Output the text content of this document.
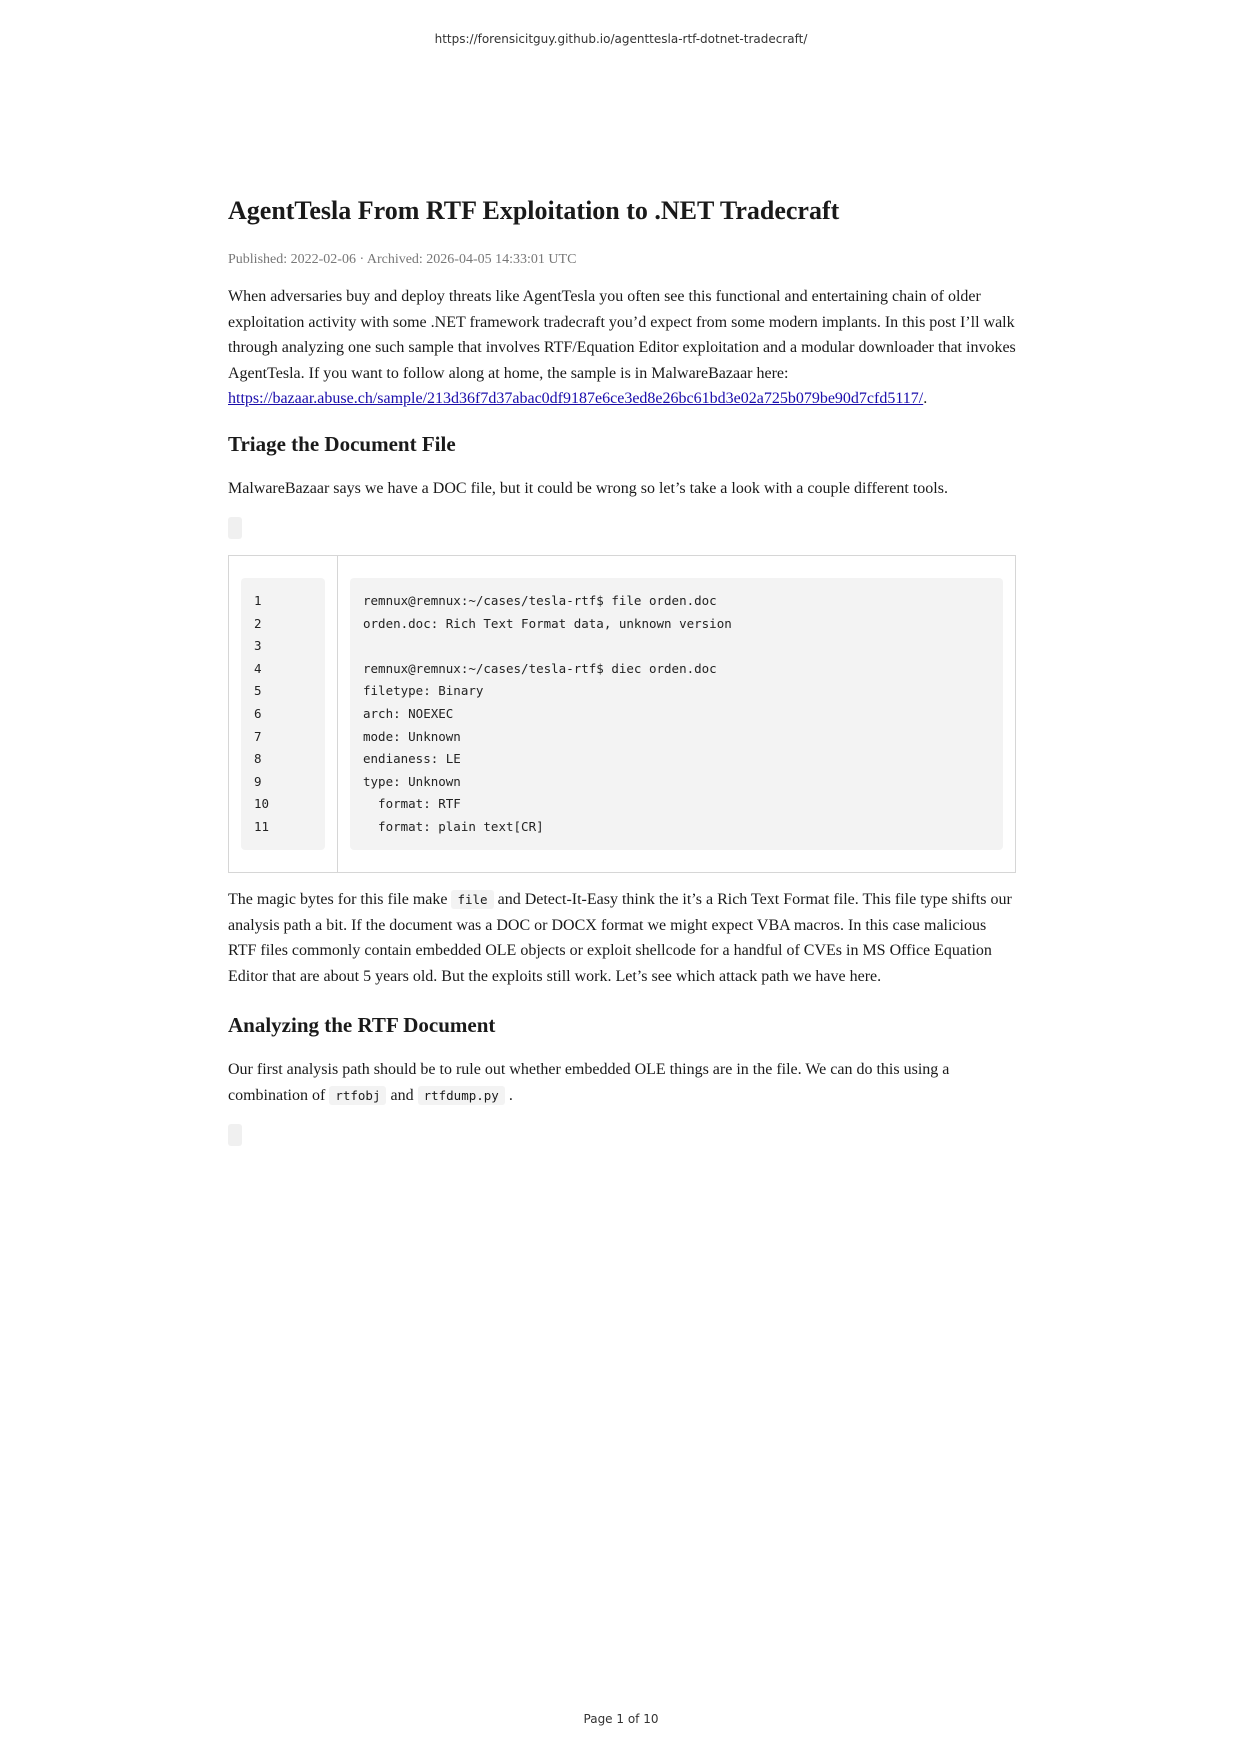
https://forensicitguy.github.io/agenttesla-rtf-dotnet-tradecraft/
AgentTesla From RTF Exploitation to .NET Tradecraft
Published: 2022-02-06 · Archived: 2026-04-05 14:33:01 UTC

When adversaries buy and deploy threats like AgentTesla you often see this functional and entertaining chain of older exploitation activity with some .NET framework tradecraft you’d expect from some modern implants. In this post I’ll walk through analyzing one such sample that involves RTF/Equation Editor exploitation and a modular downloader that invokes AgentTesla. If you want to follow along at home, the sample is in MalwareBazaar here: https://bazaar.abuse.ch/sample/213d36f7d37abac0df9187e6ce3ed8e26bc61bd3e02a725b079be90d7cfd5117/.

Triage the Document File

MalwareBazaar says we have a DOC file, but it could be wrong so let’s take a look with a couple different tools.

1
2
3
4
5
6
7
8
9
10
11
remnux@remnux:~/cases/tesla-rtf$ file orden.doc
orden.doc: Rich Text Format data, unknown version
remnux@remnux:~/cases/tesla-rtf$ diec orden.doc
filetype: Binary
arch: NOEXEC
mode: Unknown
endianess: LE
type: Unknown
format: RTF
format: plain text[CR]

The magic bytes for this file make file and Detect-It-Easy think the it’s a Rich Text Format file. This file type shifts our analysis path a bit. If the document was a DOC or DOCX format we might expect VBA macros. In this case malicious RTF files commonly contain embedded OLE objects or exploit shellcode for a handful of CVEs in MS Office Equation Editor that are about 5 years old. But the exploits still work. Let’s see which attack path we have here.

Analyzing the RTF Document

Our first analysis path should be to rule out whether embedded OLE things are in the file. We can do this using a combination of rtfobj and rtfdump.py .

Page 1 of 10
